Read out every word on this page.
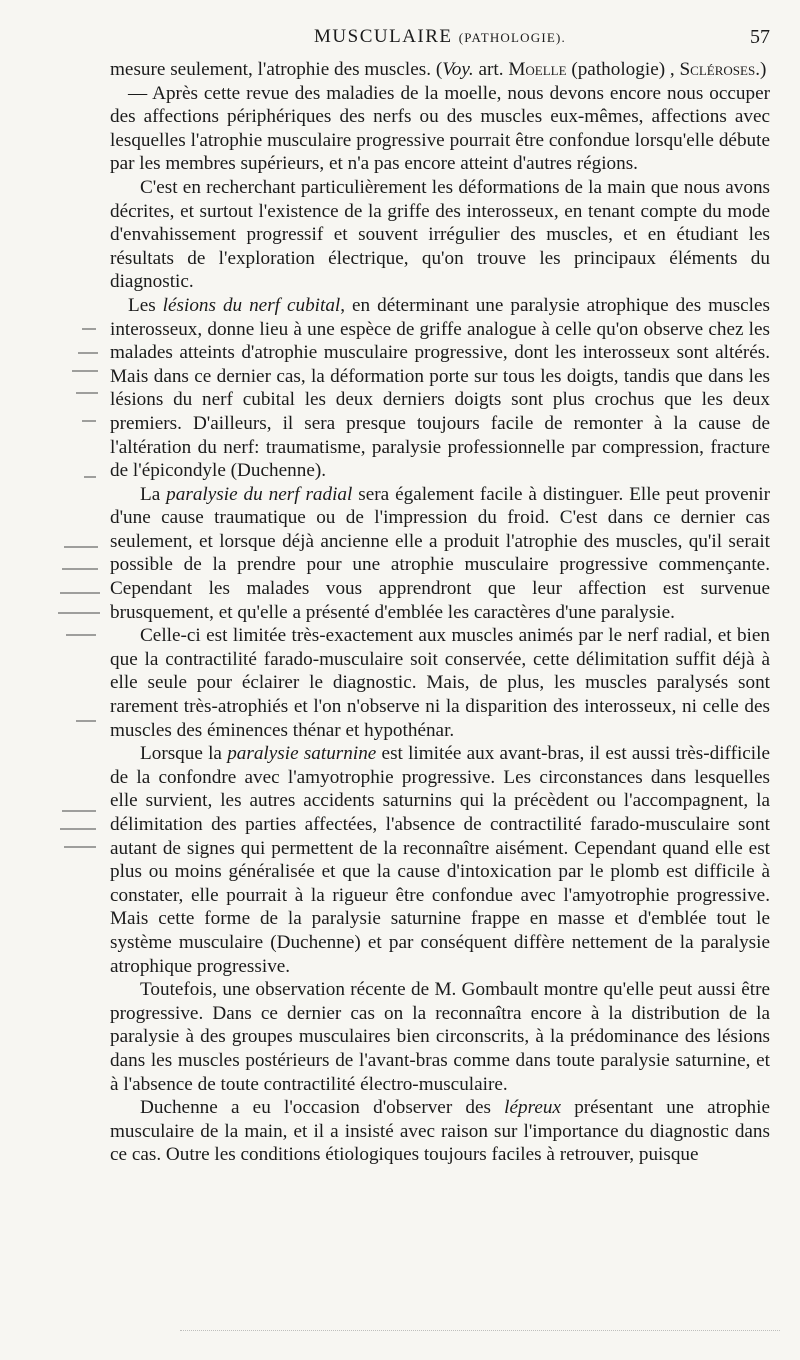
MUSCULAIRE (PATHOLOGIE).	57

mesure seulement, l'atrophie des muscles. (Voy. art. Moelle (pathologie) , Scléroses.)

— Après cette revue des maladies de la moelle, nous devons encore nous occuper des affections périphériques des nerfs ou des muscles eux-mêmes, affections avec lesquelles l'atrophie musculaire progressive pourrait être confondue lorsqu'elle débute par les membres supérieurs, et n'a pas encore atteint d'autres régions.

C'est en recherchant particulièrement les déformations de la main que nous avons décrites, et surtout l'existence de la griffe des interosseux, en tenant compte du mode d'envahissement progressif et souvent irrégulier des muscles, et en étudiant les résultats de l'exploration électrique, qu'on trouve les principaux éléments du diagnostic.

Les lésions du nerf cubital, en déterminant une paralysie atrophique des muscles interosseux, donne lieu à une espèce de griffe analogue à celle qu'on observe chez les malades atteints d'atrophie musculaire progressive, dont les interosseux sont altérés. Mais dans ce dernier cas, la déformation porte sur tous les doigts, tandis que dans les lésions du nerf cubital les deux derniers doigts sont plus crochus que les deux premiers. D'ailleurs, il sera presque toujours facile de remonter à la cause de l'altération du nerf: traumatisme, paralysie professionnelle par compression, fracture de l'épicondyle (Duchenne).

La paralysie du nerf radial sera également facile à distinguer. Elle peut provenir d'une cause traumatique ou de l'impression du froid. C'est dans ce dernier cas seulement, et lorsque déjà ancienne elle a produit l'atrophie des muscles, qu'il serait possible de la prendre pour une atrophie musculaire progressive commençante. Cependant les malades vous apprendront que leur affection est survenue brusquement, et qu'elle a présenté d'emblée les caractères d'une paralysie.

Celle-ci est limitée très-exactement aux muscles animés par le nerf radial, et bien que la contractilité farado-musculaire soit conservée, cette délimitation suffit déjà à elle seule pour éclairer le diagnostic. Mais, de plus, les muscles paralysés sont rarement très-atrophiés et l'on n'observe ni la disparition des interosseux, ni celle des muscles des éminences thénar et hypothénar.

Lorsque la paralysie saturnine est limitée aux avant-bras, il est aussi très-difficile de la confondre avec l'amyotrophie progressive. Les circonstances dans lesquelles elle survient, les autres accidents saturnins qui la précèdent ou l'accompagnent, la délimitation des parties affectées, l'absence de contractilité farado-musculaire sont autant de signes qui permettent de la reconnaître aisément. Cependant quand elle est plus ou moins généralisée et que la cause d'intoxication par le plomb est difficile à constater, elle pourrait à la rigueur être confondue avec l'amyotrophie progressive. Mais cette forme de la paralysie saturnine frappe en masse et d'emblée tout le système musculaire (Duchenne) et par conséquent diffère nettement de la paralysie atrophique progressive.

Toutefois, une observation récente de M. Gombault montre qu'elle peut aussi être progressive. Dans ce dernier cas on la reconnaîtra encore à la distribution de la paralysie à des groupes musculaires bien circonscrits, à la prédominance des lésions dans les muscles postérieurs de l'avant-bras comme dans toute paralysie saturnine, et à l'absence de toute contractilité électro-musculaire.

Duchenne a eu l'occasion d'observer des lépreux présentant une atrophie musculaire de la main, et il a insisté avec raison sur l'importance du diagnostic dans ce cas. Outre les conditions étiologiques toujours faciles à retrouver, puisque
